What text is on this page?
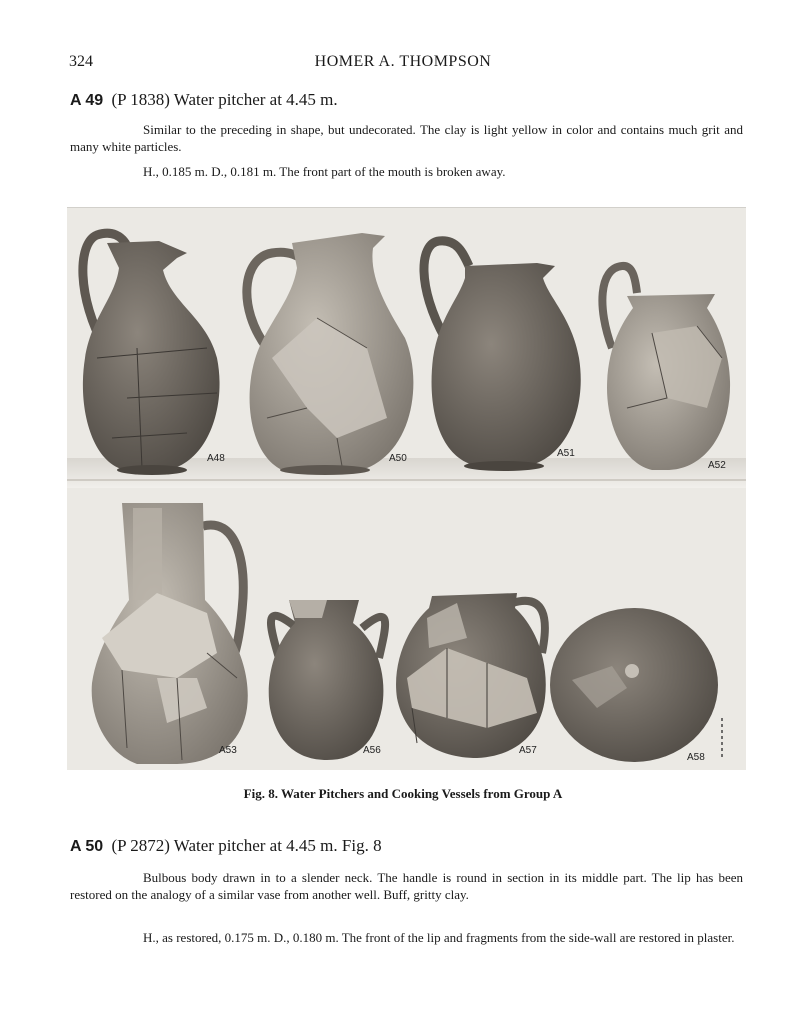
324	HOMER A. THOMPSON
A 49 (P 1838) Water pitcher at 4.45 m.

Similar to the preceding in shape, but undecorated. The clay is light yellow in color and contains much grit and many white particles.

H., 0.185 m. D., 0.181 m. The front part of the mouth is broken away.

A48	A50	A51
A52
A53	A56	A57
A58
Fig. 8. Water Pitchers and Cooking Vessels from Group A
A 50 (P 2872) Water pitcher at 4.45 m. Fig. 8

Bulbous body drawn in to a slender neck. The handle is round in section in its middle part. The lip has been restored on the analogy of a similar vase from another well. Buff, gritty clay.

H., as restored, 0.175 m. D., 0.180 m. The front of the lip and fragments from the side-wall are restored in plaster.
